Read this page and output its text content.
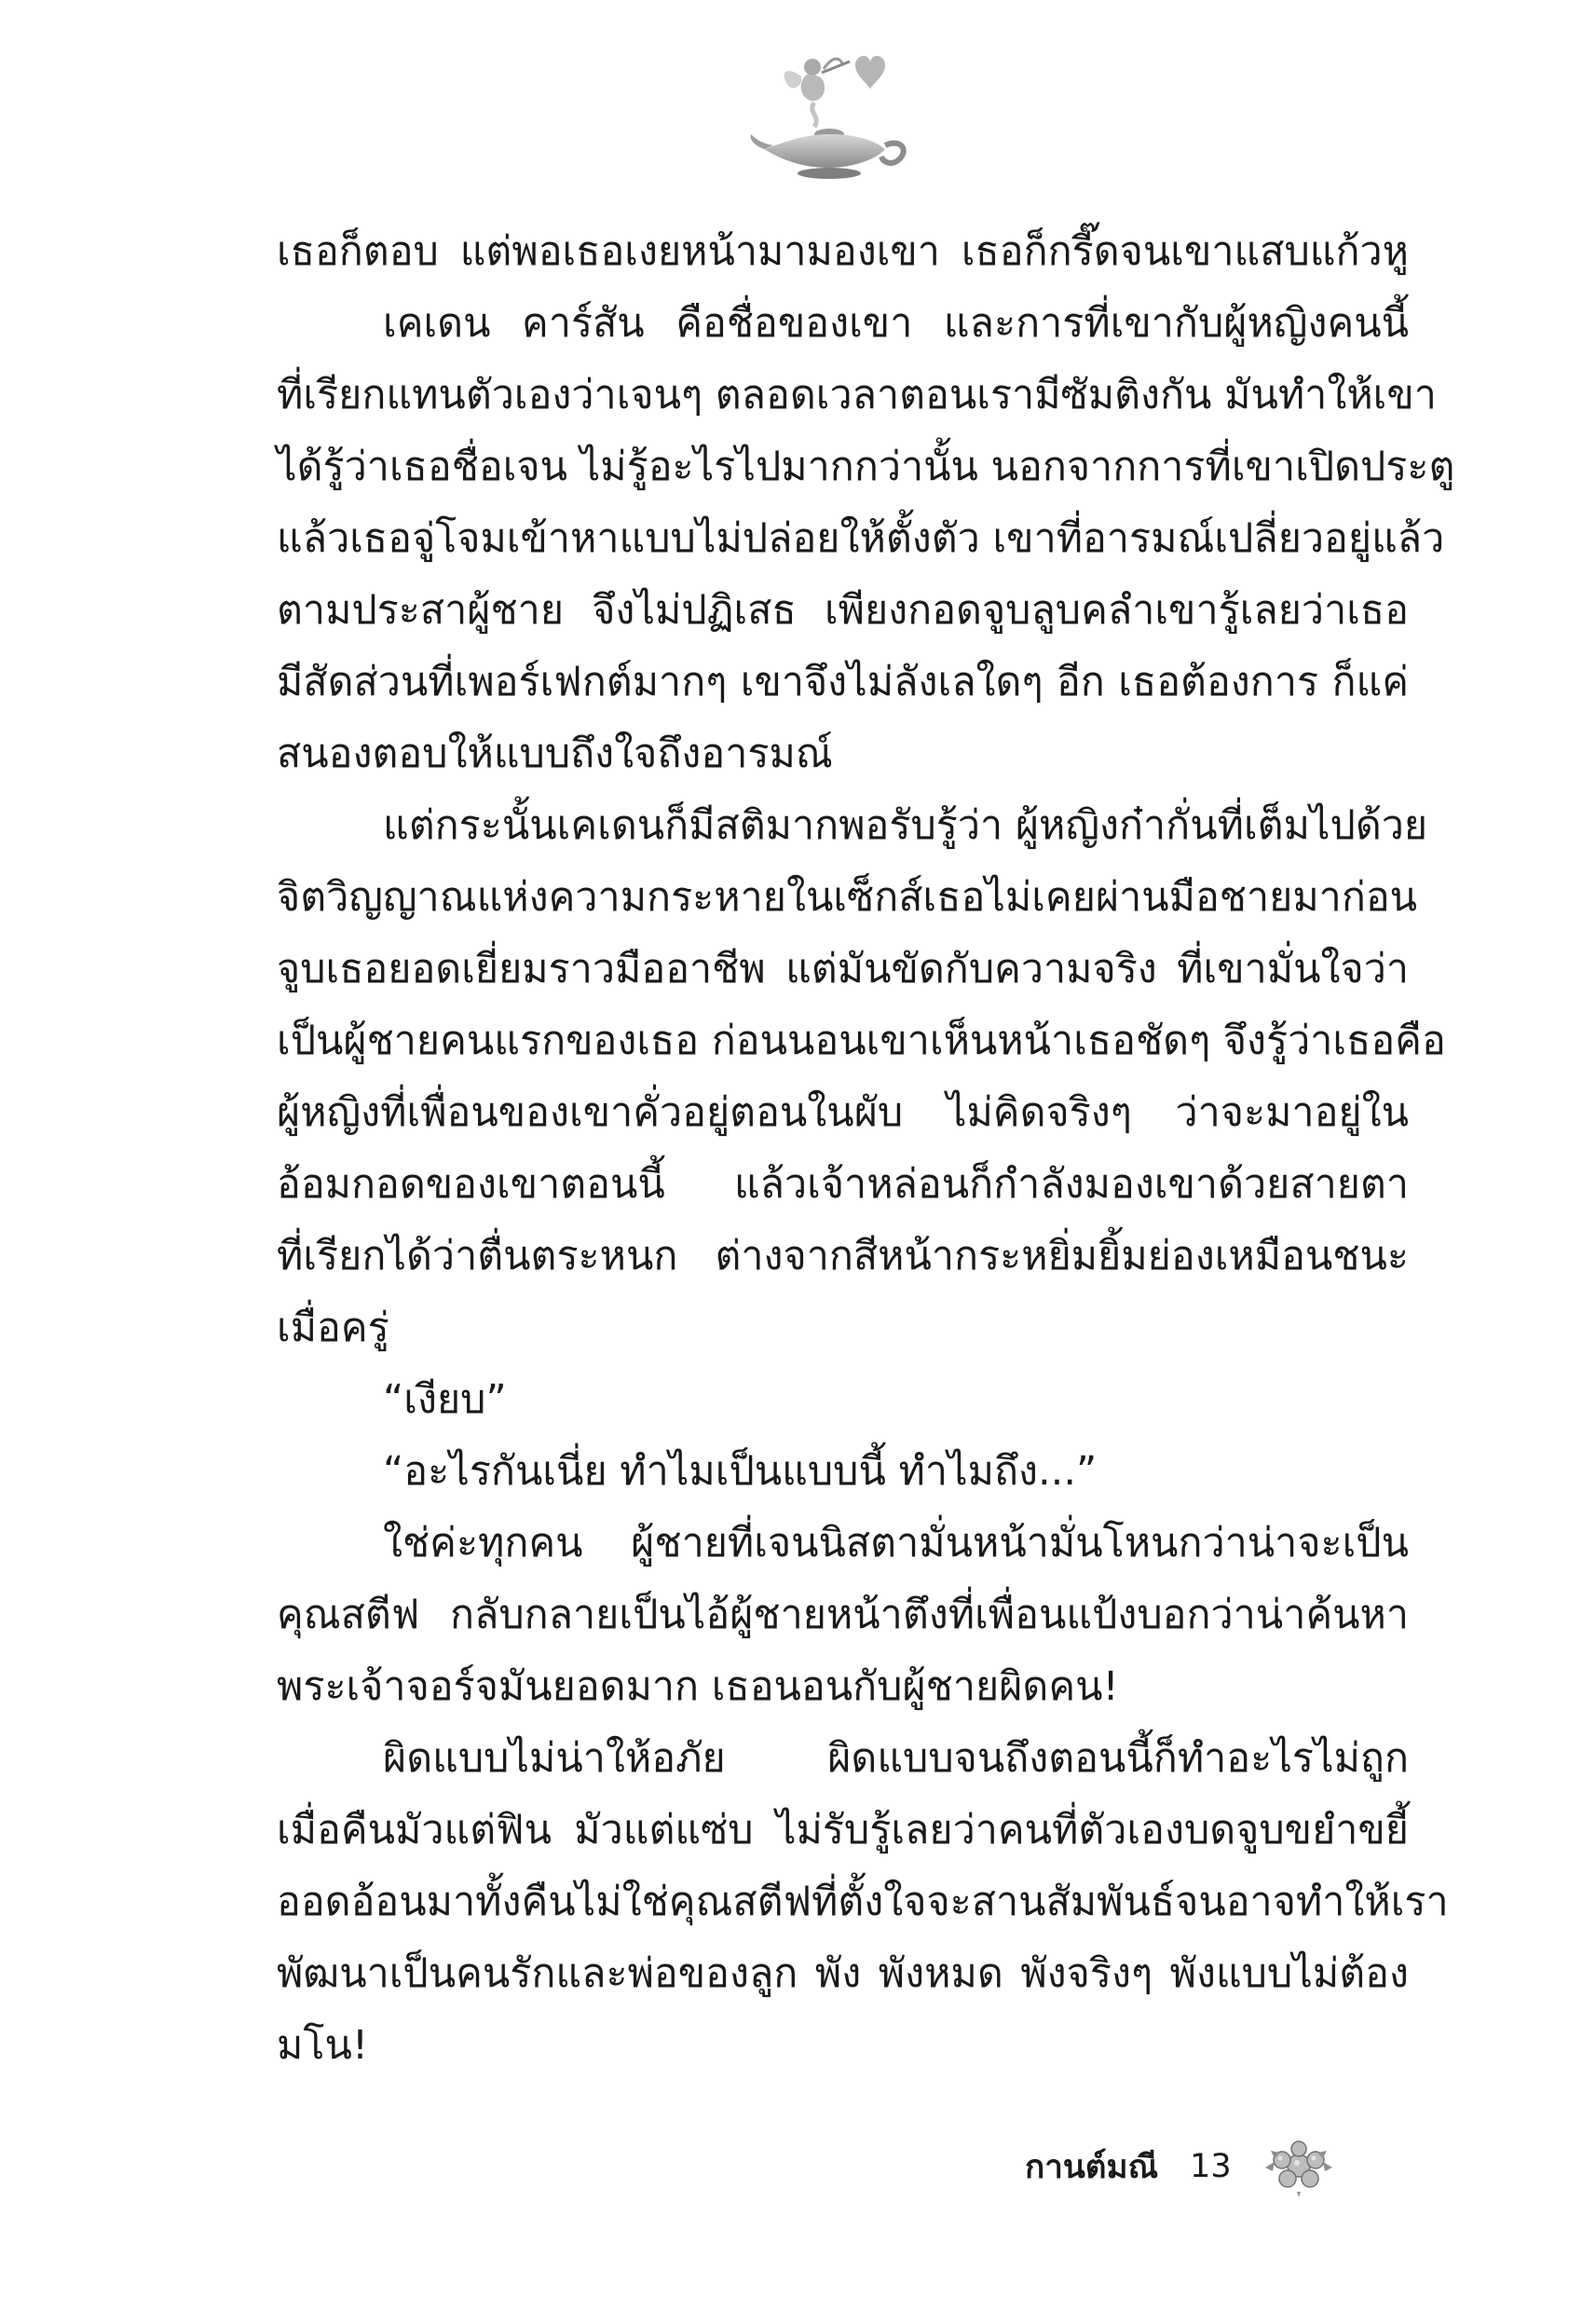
เธอก็ตอบ แต่พอเธอเงยหน้ามามองเขา เธอก็กรี๊ดจนเขาแสบแก้วหู
เคเดน คาร์สัน คือชื่อของเขา และการที่เขากับผู้หญิงคนนี้
ที่เรียกแทนตัวเองว่าเจนๆ ตลอดเวลาตอนเรามีซัมติงกัน มันทำให้เขา
ได้รู้ว่าเธอชื่อเจน ไม่รู้อะไรไปมากกว่านั้น นอกจากการที่เขาเปิดประตู
แล้วเธอจู่โจมเข้าหาแบบไม่ปล่อยให้ตั้งตัว เขาที่อารมณ์เปลี่ยวอยู่แล้ว
ตามประสาผู้ชาย จึงไม่ปฏิเสธ เพียงกอดจูบลูบคลำเขารู้เลยว่าเธอ
มีสัดส่วนที่เพอร์เฟกต์มากๆ เขาจึงไม่ลังเลใดๆ อีก เธอต้องการ ก็แค่
สนองตอบให้แบบถึงใจถึงอารมณ์
แต่กระนั้นเคเดนก็มีสติมากพอรับรู้ว่า ผู้หญิงก๋ากั่นที่เต็มไปด้วย
จิตวิญญาณแห่งความกระหายในเซ็กส์เธอไม่เคยผ่านมือชายมาก่อน
จูบเธอยอดเยี่ยมราวมืออาชีพ แต่มันขัดกับความจริง ที่เขามั่นใจว่า
เป็นผู้ชายคนแรกของเธอ ก่อนนอนเขาเห็นหน้าเธอชัดๆ จึงรู้ว่าเธอคือ
ผู้หญิงที่เพื่อนของเขาคั่วอยู่ตอนในผับ ไม่คิดจริงๆ ว่าจะมาอยู่ใน
อ้อมกอดของเขาตอนนี้ แล้วเจ้าหล่อนก็กำลังมองเขาด้วยสายตา
ที่เรียกได้ว่าตื่นตระหนก ต่างจากสีหน้ากระหยิ่มยิ้มย่องเหมือนชนะ
เมื่อครู่
“เงียบ”
“อะไรกันเนี่ย ทำไมเป็นแบบนี้ ทำไมถึง...”
ใช่ค่ะทุกคน ผู้ชายที่เจนนิสตามั่นหน้ามั่นโหนกว่าน่าจะเป็น
คุณสตีฟ กลับกลายเป็นไอ้ผู้ชายหน้าตึงที่เพื่อนแป้งบอกว่าน่าค้นหา
พระเจ้าจอร์จมันยอดมาก เธอนอนกับผู้ชายผิดคน!
ผิดแบบไม่น่าให้อภัย ผิดแบบจนถึงตอนนี้ก็ทำอะไรไม่ถูก
เมื่อคืนมัวแต่ฟิน มัวแต่แซ่บ ไม่รับรู้เลยว่าคนที่ตัวเองบดจูบขยำขยี้
ออดอ้อนมาทั้งคืนไม่ใช่คุณสตีฟที่ตั้งใจจะสานสัมพันธ์จนอาจทำให้เรา
พัฒนาเป็นคนรักและพ่อของลูก พัง พังหมด พังจริงๆ พังแบบไม่ต้อง
มโน!
กานต์มณี 13
